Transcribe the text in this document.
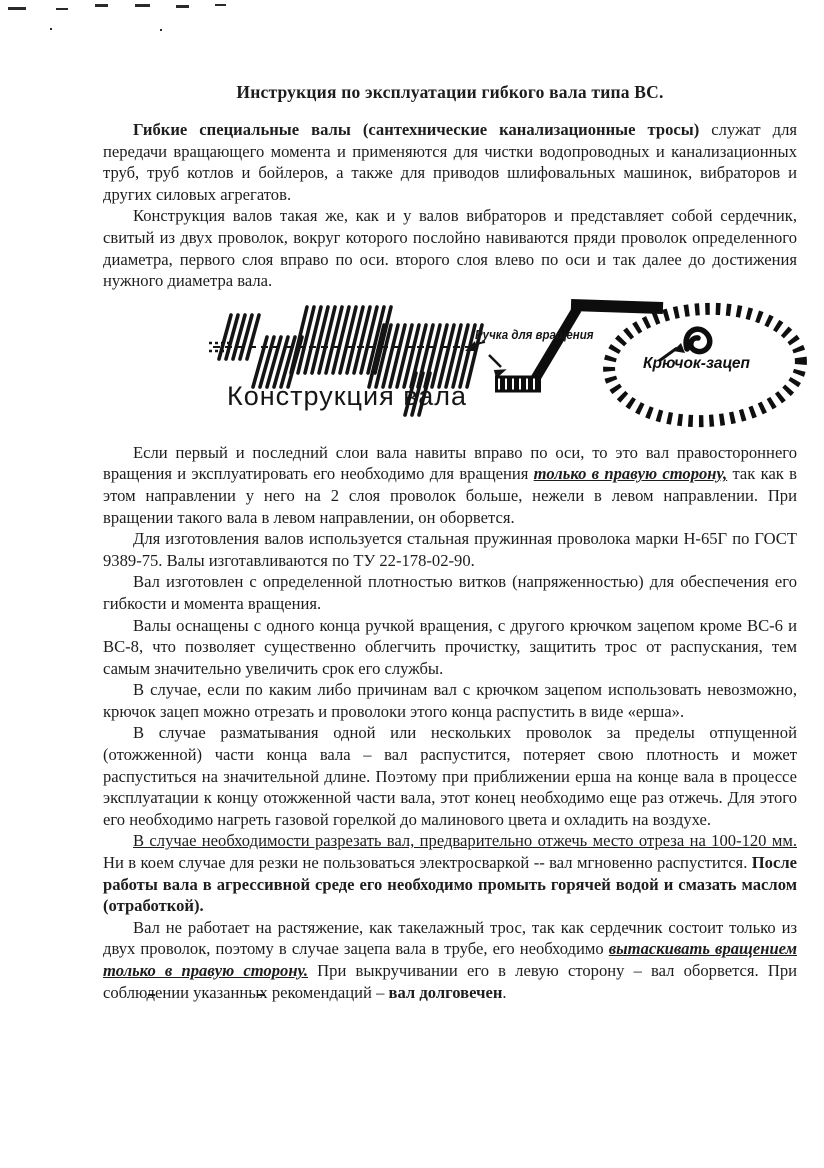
Инструкция по эксплуатации гибкого вала типа ВС.

Гибкие специальные валы (сантехнические канализационные тросы) служат для передачи вращающего момента и применяются для чистки водопроводных и канализационных труб, труб котлов и бойлеров, а также для приводов шлифовальных машинок, вибраторов и других силовых агрегатов.

Конструкция валов такая же, как и у валов вибраторов и представляет собой сердечник, свитый из двух проволок, вокруг которого послойно навиваются пряди проволок определенного диаметра, первого слоя вправо по оси. второго слоя влево по оси и так далее до достижения нужного диаметра вала.

Конструкция вала
Ручка для вращения
Крючок-зацеп

Если первый и последний слои вала навиты вправо по оси, то это вал правостороннего вращения и эксплуатировать его необходимо для вращения только в правую сторону, так как в этом направлении у него на 2 слоя проволок больше, нежели в левом направлении. При вращении такого вала в левом направлении, он оборвется.

Для изготовления валов используется стальная пружинная проволока марки Н-65Г по ГОСТ 9389-75. Валы изготавливаются по ТУ 22-178-02-90.

Вал изготовлен с определенной плотностью витков (напряженностью) для обеспечения его гибкости и момента вращения.

Валы оснащены с одного конца ручкой вращения, с другого крючком зацепом кроме ВС-6 и ВС-8, что позволяет существенно облегчить прочистку, защитить трос от распускания, тем самым значительно увеличить срок его службы.

В случае, если по каким либо причинам вал с крючком зацепом использовать невозможно, крючок зацеп можно отрезать и проволоки этого конца распустить в виде «ерша».

В случае разматывания одной или нескольких проволок за пределы отпущенной (отожженной) части конца вала – вал распустится, потеряет свою плотность и может распуститься на значительной длине. Поэтому при приближении ерша на конце вала в процессе эксплуатации к концу отожженной части вала, этот конец необходимо еще раз отжечь. Для этого его необходимо нагреть газовой горелкой до малинового цвета и охладить на воздухе.

В случае необходимости разрезать вал, предварительно отжечь место отреза на 100-120 мм. Ни в коем случае для резки не пользоваться электросваркой -- вал мгновенно распустится. После работы вала в агрессивной среде его необходимо промыть горячей водой и смазать маслом (отработкой).

Вал не работает на растяжение, как такелажный трос, так как сердечник состоит только из двух проволок, поэтому в случае зацепа вала в трубе, его необходимо вытаскивать вращением только в правую сторону. При выкручивании его в левую сторону – вал оборвется. При соблюдении указанных рекомендаций – вал долговечен.
